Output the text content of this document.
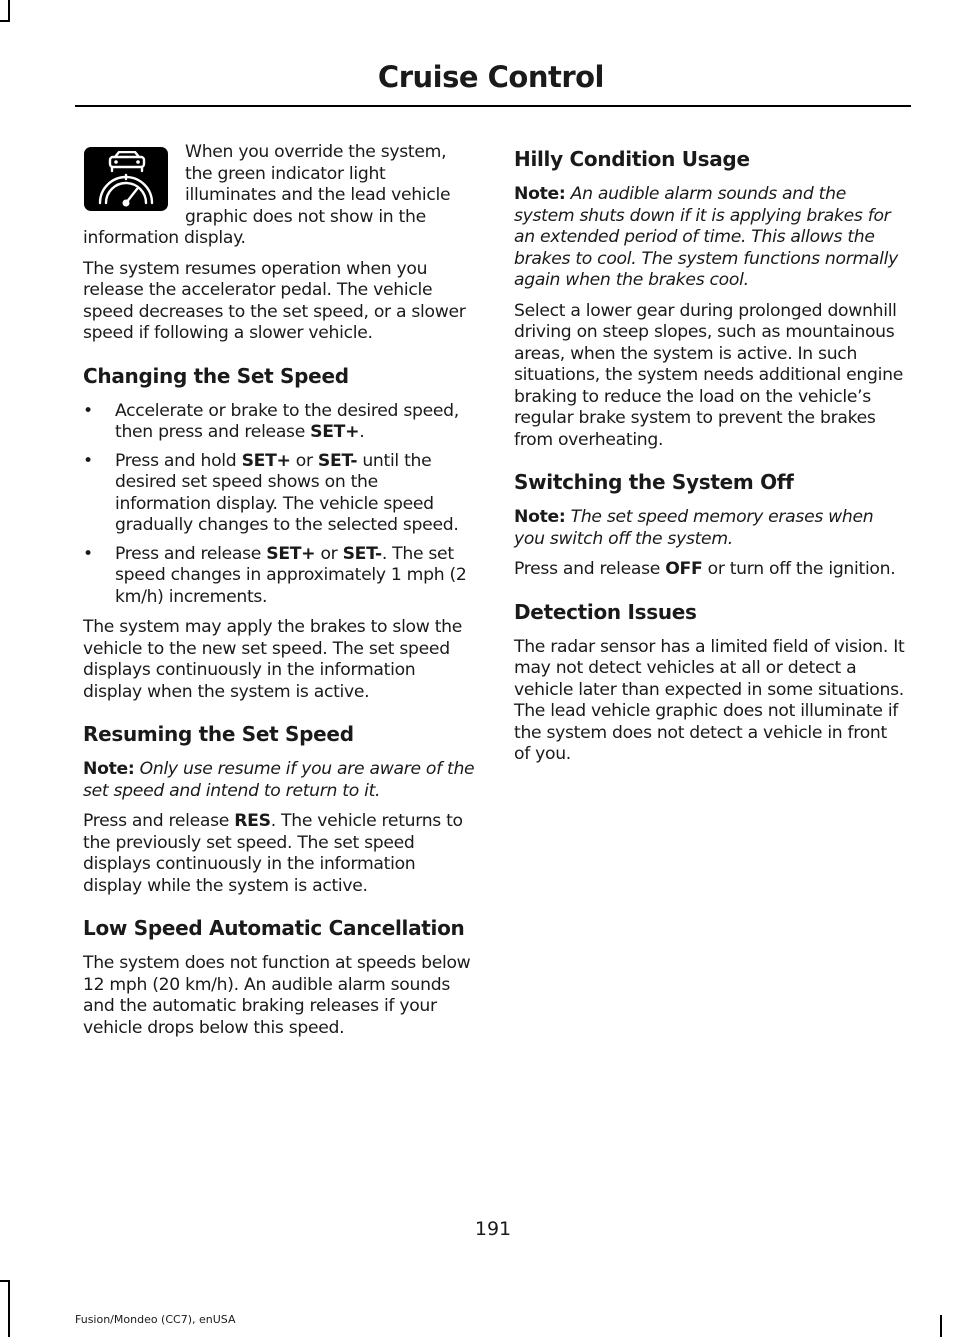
Cruise Control

When you override the system, the green indicator light illuminates and the lead vehicle graphic does not show in the information display.

The system resumes operation when you release the accelerator pedal. The vehicle speed decreases to the set speed, or a slower speed if following a slower vehicle.

Changing the Set Speed
• Accelerate or brake to the desired speed, then press and release SET+.
• Press and hold SET+ or SET- until the desired set speed shows on the information display. The vehicle speed gradually changes to the selected speed.
• Press and release SET+ or SET-. The set speed changes in approximately 1 mph (2 km/h) increments.

The system may apply the brakes to slow the vehicle to the new set speed. The set speed displays continuously in the information display when the system is active.

Resuming the Set Speed

Note: Only use resume if you are aware of the set speed and intend to return to it.

Press and release RES. The vehicle returns to the previously set speed. The set speed displays continuously in the information display while the system is active.

Low Speed Automatic Cancellation

The system does not function at speeds below 12 mph (20 km/h). An audible alarm sounds and the automatic braking releases if your vehicle drops below this speed.

Hilly Condition Usage

Note: An audible alarm sounds and the system shuts down if it is applying brakes for an extended period of time. This allows the brakes to cool. The system functions normally again when the brakes cool.

Select a lower gear during prolonged downhill driving on steep slopes, such as mountainous areas, when the system is active. In such situations, the system needs additional engine braking to reduce the load on the vehicle’s regular brake system to prevent the brakes from overheating.

Switching the System Off

Note: The set speed memory erases when you switch off the system.

Press and release OFF or turn off the ignition.

Detection Issues

The radar sensor has a limited field of vision. It may not detect vehicles at all or detect a vehicle later than expected in some situations. The lead vehicle graphic does not illuminate if the system does not detect a vehicle in front of you.

191
Fusion/Mondeo (CC7), enUSA
